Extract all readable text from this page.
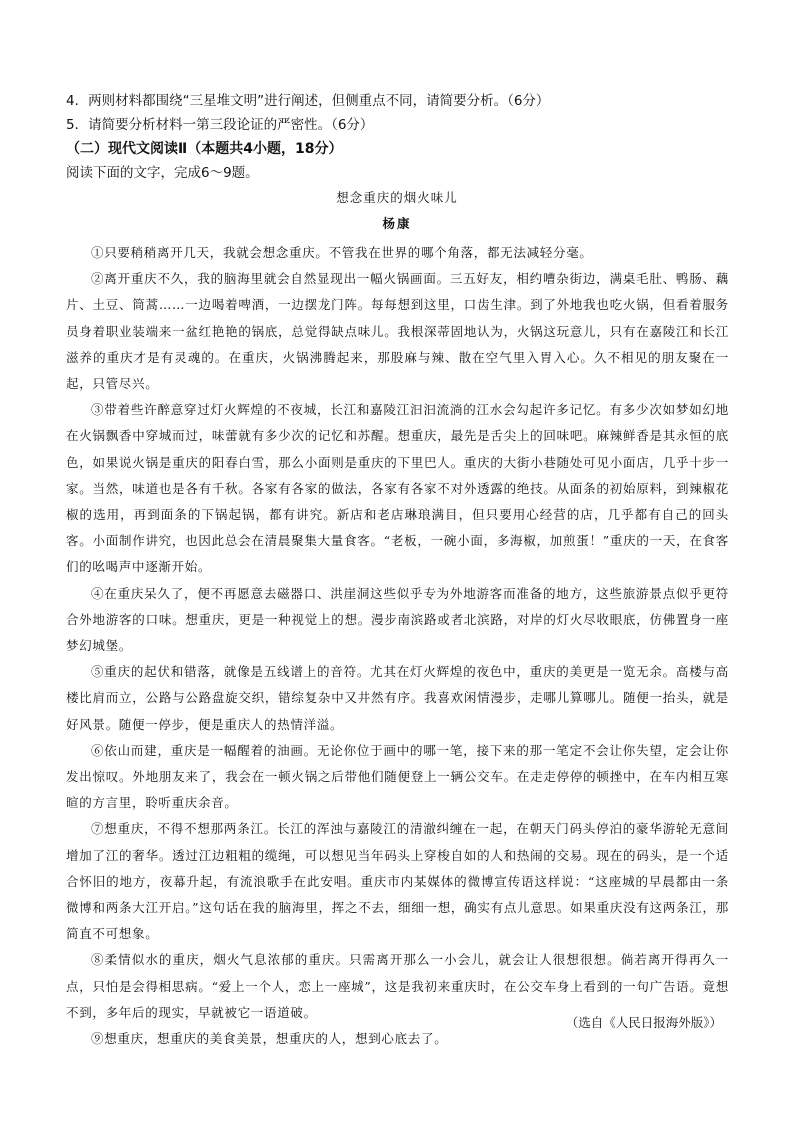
4．两则材料都围绕“三星堆文明”进行阐述，但侧重点不同，请简要分析。（6分）
5．请简要分析材料一第三段论证的严密性。（6分）
（二）现代文阅读Ⅱ（本题共4小题，18分）
阅读下面的文字，完成6～9题。
想念重庆的烟火味儿
杨康

①只要稍稍离开几天，我就会想念重庆。不管我在世界的哪个角落，都无法减轻分毫。

②离开重庆不久，我的脑海里就会自然显现出一幅火锅画面。三五好友，相约嘈杂街边，满桌毛肚、鸭肠、藕片、土豆、筒蒿……一边喝着啤酒，一边摆龙门阵。每每想到这里，口齿生津。到了外地我也吃火锅，但看着服务员身着职业装端来一盆红艳艳的锅底，总觉得缺点味儿。我根深蒂固地认为，火锅这玩意儿，只有在嘉陵江和长江滋养的重庆才是有灵魂的。在重庆，火锅沸腾起来，那股麻与辣、散在空气里入胃入心。久不相见的朋友聚在一起，只管尽兴。

③带着些许醉意穿过灯火辉煌的不夜城，长江和嘉陵江汩汩流淌的江水会勾起许多记忆。有多少次如梦如幻地在火锅飘香中穿城而过，味蕾就有多少次的记忆和苏醒。想重庆，最先是舌尖上的回味吧。麻辣鲜香是其永恒的底色，如果说火锅是重庆的阳春白雪，那么小面则是重庆的下里巴人。重庆的大街小巷随处可见小面店，几乎十步一家。当然，味道也是各有千秋。各家有各家的做法，各家有各家不对外透露的绝技。从面条的初始原料，到辣椒花椒的选用，再到面条的下锅起锅，都有讲究。新店和老店琳琅满目，但只要用心经营的店，几乎都有自己的回头客。小面制作讲究，也因此总会在清晨聚集大量食客。“老板，一碗小面，多海椒，加煎蛋！”重庆的一天，在食客们的吆喝声中逐渐开始。

④在重庆呆久了，便不再愿意去磁器口、洪崖洞这些似乎专为外地游客而准备的地方，这些旅游景点似乎更符合外地游客的口味。想重庆，更是一种视觉上的想。漫步南滨路或者北滨路，对岸的灯火尽收眼底，仿佛置身一座梦幻城堡。

⑤重庆的起伏和错落，就像是五线谱上的音符。尤其在灯火辉煌的夜色中，重庆的美更是一览无余。高楼与高楼比肩而立，公路与公路盘旋交织，错综复杂中又井然有序。我喜欢闲情漫步，走哪儿算哪儿。随便一抬头，就是好风景。随便一停步，便是重庆人的热情洋溢。

⑥依山而建，重庆是一幅醒着的油画。无论你位于画中的哪一笔，接下来的那一笔定不会让你失望，定会让你发出惊叹。外地朋友来了，我会在一顿火锅之后带他们随便登上一辆公交车。在走走停停的顿挫中，在车内相互寒暄的方言里，聆听重庆余音。

⑦想重庆，不得不想那两条江。长江的浑浊与嘉陵江的清澈纠缠在一起，在朝天门码头停泊的豪华游轮无意间增加了江的奢华。透过江边粗粗的缆绳，可以想见当年码头上穿梭自如的人和热闹的交易。现在的码头，是一个适合怀旧的地方，夜幕升起，有流浪歌手在此安唱。重庆市内某媒体的微博宣传语这样说：“这座城的早晨都由一条微博和两条大江开启。”这句话在我的脑海里，挥之不去，细细一想，确实有点儿意思。如果重庆没有这两条江，那简直不可想象。

⑧柔情似水的重庆，烟火气息浓郁的重庆。只需离开那么一小会儿，就会让人很想很想。倘若离开得再久一点，只怕是会得相思病。“爱上一个人，恋上一座城”，这是我初来重庆时，在公交车身上看到的一句广告语。竟想不到，多年后的现实，早就被它一语道破。

⑨想重庆，想重庆的美食美景，想重庆的人，想到心底去了。

（选自《人民日报海外版》）
